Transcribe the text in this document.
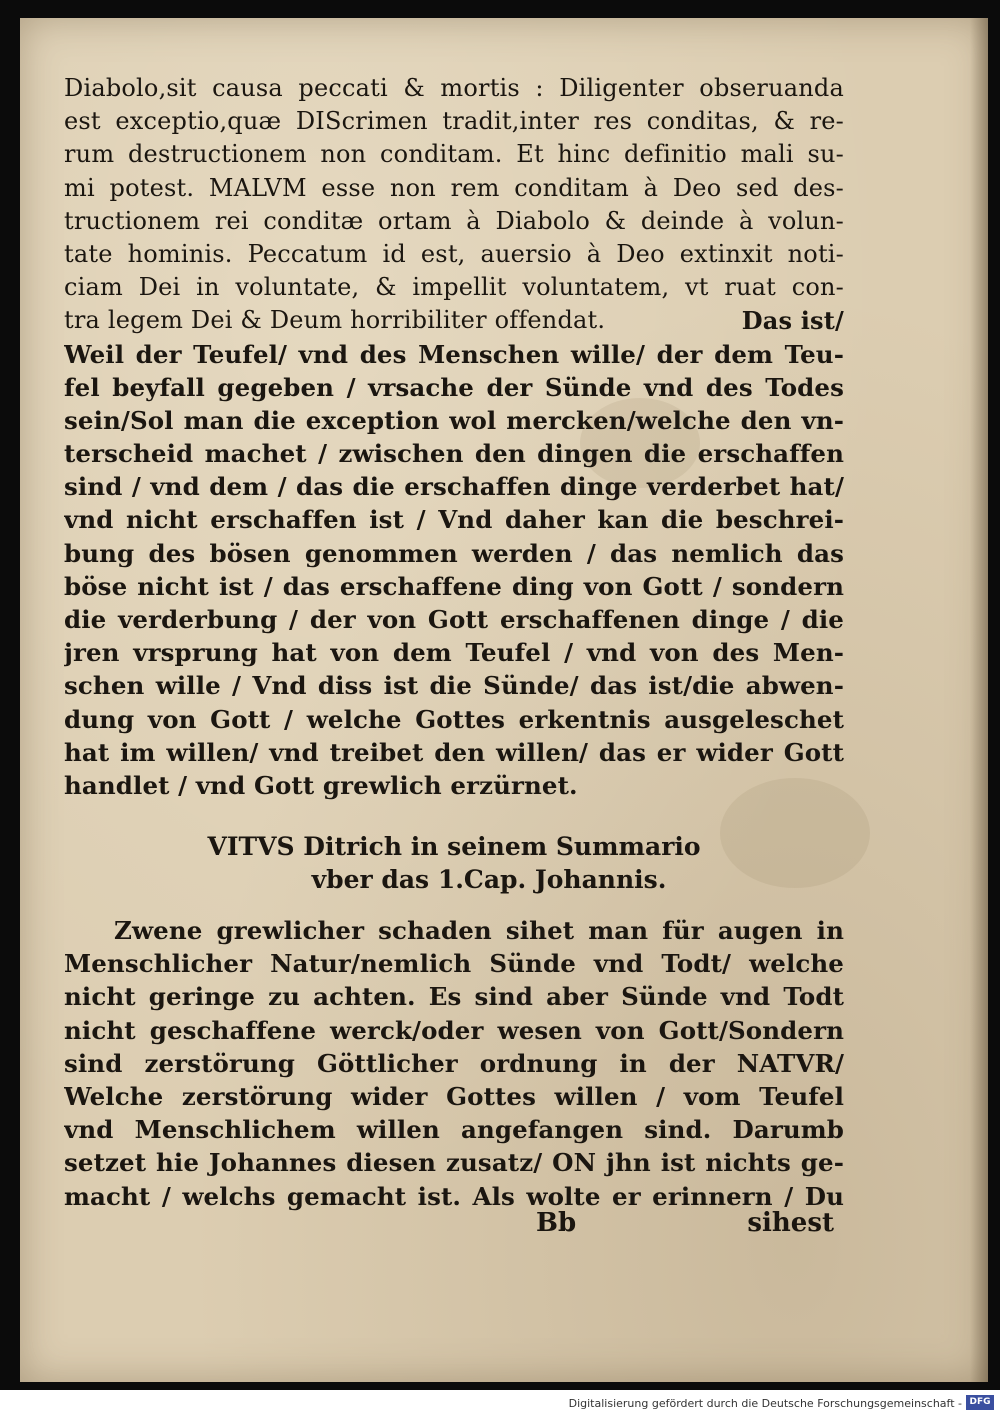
Diabolo,sit causa peccati & mortis : Diligenter obseruanda
est exceptio,quæ DIScrimen tradit,inter res conditas, & re-
rum destructionem non conditam. Et hinc definitio mali su-
mi potest. MALVM esse non rem conditam à Deo sed des-
tructionem rei conditæ ortam à Diabolo & deinde à volun-
tate hominis. Peccatum id est, auersio à Deo extinxit noti-
ciam Dei in voluntate, & impellit voluntatem, vt ruat con-
tra legem Dei & Deum horribiliter offendat.	Das ist/
Weil der Teufel/ vnd des Menschen wille/ der dem Teu-
fel beyfall gegeben / vrsache der Sünde vnd des Todes
sein/Sol man die exception wol mercken/welche den vn-
terscheid machet / zwischen den dingen die erschaffen
sind / vnd dem / das die erschaffen dinge verderbet hat/
vnd nicht erschaffen ist / Vnd daher kan die beschrei-
bung des bösen genommen werden / das nemlich das
böse nicht ist / das erschaffene ding von Gott / sondern
die verderbung / der von Gott erschaffenen dinge / die
jren vrsprung hat von dem Teufel / vnd von des Men-
schen wille / Vnd diss ist die Sünde/ das ist/die abwen-
dung von Gott / welche Gottes erkentnis ausgeleschet
hat im willen/ vnd treibet den willen/ das er wider Gott
handlet / vnd Gott grewlich erzürnet.
VITVS Ditrich in seinem Summario
vber das 1.Cap. Johannis.
Zwene grewlicher schaden sihet man für augen in
Menschlicher Natur/nemlich Sünde vnd Todt/ welche
nicht geringe zu achten. Es sind aber Sünde vnd Todt
nicht geschaffene werck/oder wesen von Gott/Sondern
sind zerstörung Göttlicher ordnung in der NATVR/
Welche zerstörung wider Gottes willen / vom Teufel
vnd Menschlichem willen angefangen sind. Darumb
setzet hie Johannes diesen zusatz/ ON jhn ist nichts ge-
macht / welchs gemacht ist. Als wolte er erinnern / Du
Bb	sihest
Digitalisierung gefördert durch die Deutsche Forschungsgemeinschaft - DFG
